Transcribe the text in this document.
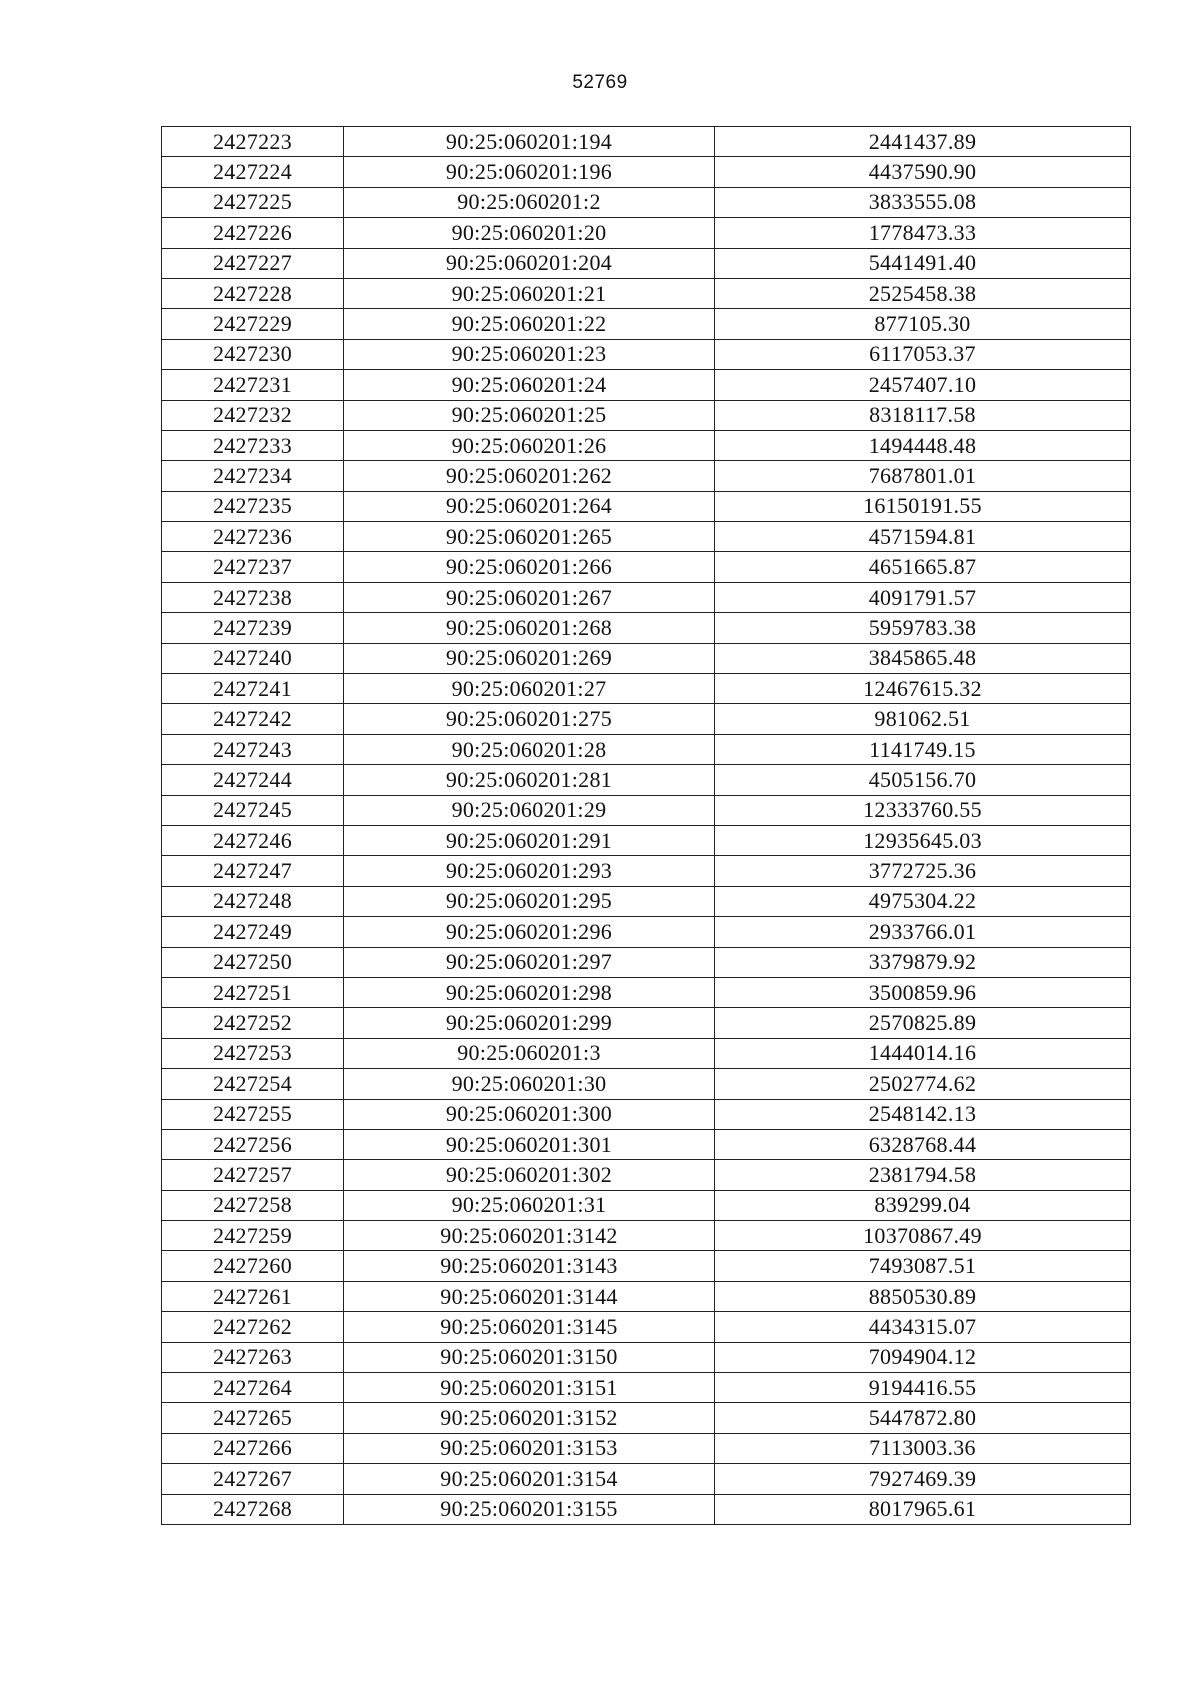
52769
2427223	90:25:060201:194	2441437.89
2427224	90:25:060201:196	4437590.90
2427225	90:25:060201:2	3833555.08
2427226	90:25:060201:20	1778473.33
2427227	90:25:060201:204	5441491.40
2427228	90:25:060201:21	2525458.38
2427229	90:25:060201:22	877105.30
2427230	90:25:060201:23	6117053.37
2427231	90:25:060201:24	2457407.10
2427232	90:25:060201:25	8318117.58
2427233	90:25:060201:26	1494448.48
2427234	90:25:060201:262	7687801.01
2427235	90:25:060201:264	16150191.55
2427236	90:25:060201:265	4571594.81
2427237	90:25:060201:266	4651665.87
2427238	90:25:060201:267	4091791.57
2427239	90:25:060201:268	5959783.38
2427240	90:25:060201:269	3845865.48
2427241	90:25:060201:27	12467615.32
2427242	90:25:060201:275	981062.51
2427243	90:25:060201:28	1141749.15
2427244	90:25:060201:281	4505156.70
2427245	90:25:060201:29	12333760.55
2427246	90:25:060201:291	12935645.03
2427247	90:25:060201:293	3772725.36
2427248	90:25:060201:295	4975304.22
2427249	90:25:060201:296	2933766.01
2427250	90:25:060201:297	3379879.92
2427251	90:25:060201:298	3500859.96
2427252	90:25:060201:299	2570825.89
2427253	90:25:060201:3	1444014.16
2427254	90:25:060201:30	2502774.62
2427255	90:25:060201:300	2548142.13
2427256	90:25:060201:301	6328768.44
2427257	90:25:060201:302	2381794.58
2427258	90:25:060201:31	839299.04
2427259	90:25:060201:3142	10370867.49
2427260	90:25:060201:3143	7493087.51
2427261	90:25:060201:3144	8850530.89
2427262	90:25:060201:3145	4434315.07
2427263	90:25:060201:3150	7094904.12
2427264	90:25:060201:3151	9194416.55
2427265	90:25:060201:3152	5447872.80
2427266	90:25:060201:3153	7113003.36
2427267	90:25:060201:3154	7927469.39
2427268	90:25:060201:3155	8017965.61
